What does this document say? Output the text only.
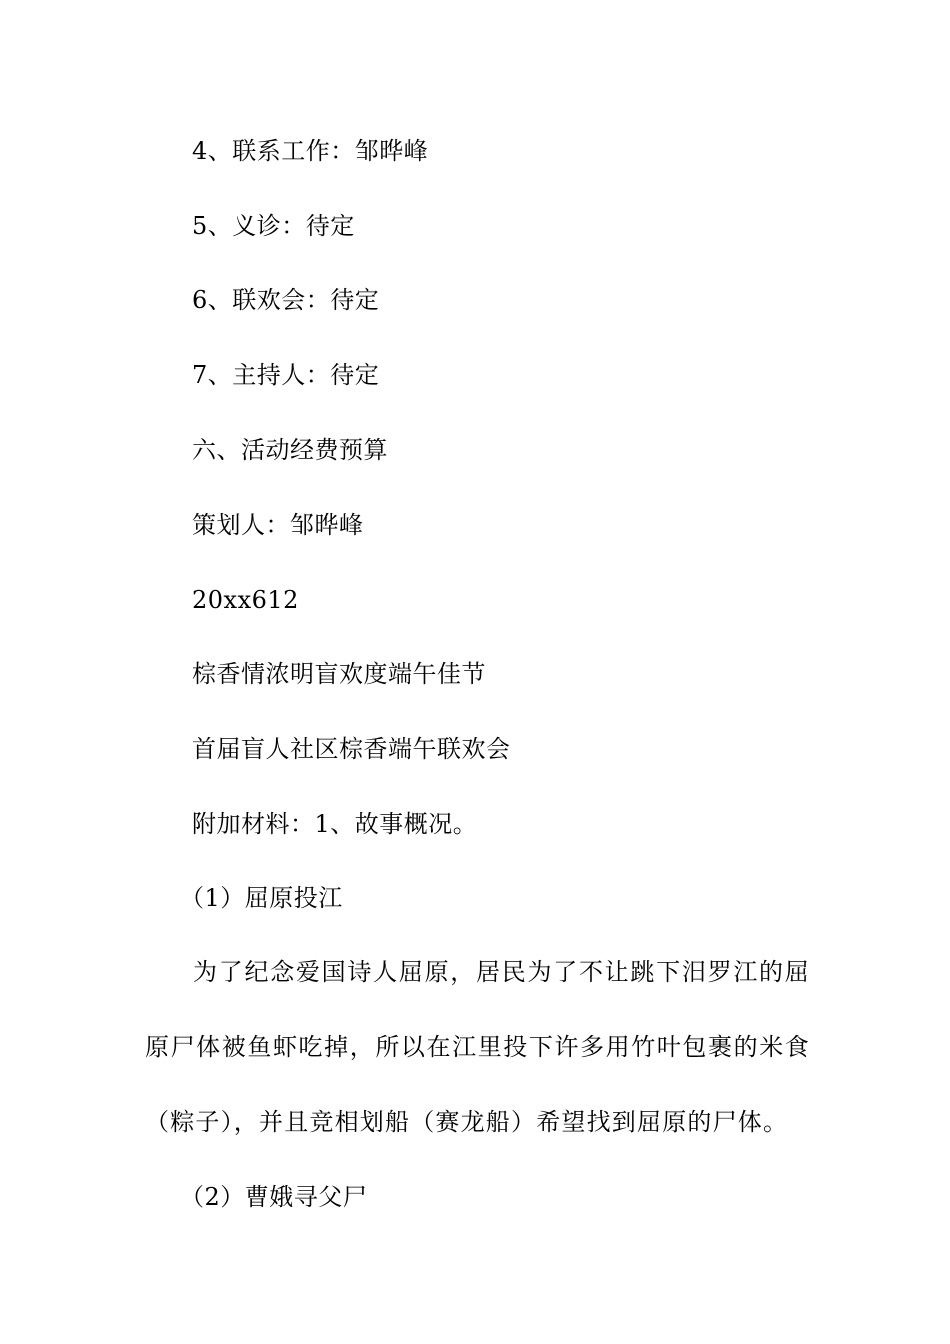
4、联系工作：邹晔峰
5、义诊：待定
6、联欢会：待定
7、主持人：待定
六、活动经费预算
策划人：邹晔峰
20xx612
棕香情浓明盲欢度端午佳节
首届盲人社区棕香端午联欢会
附加材料：1、故事概况。
（1）屈原投江

为了纪念爱国诗人屈原，居民为了不让跳下汨罗江的屈原尸体被鱼虾吃掉，所以在江里投下许多用竹叶包裹的米食（粽子），并且竞相划船（赛龙船）希望找到屈原的尸体。

（2）曹娥寻父尸
